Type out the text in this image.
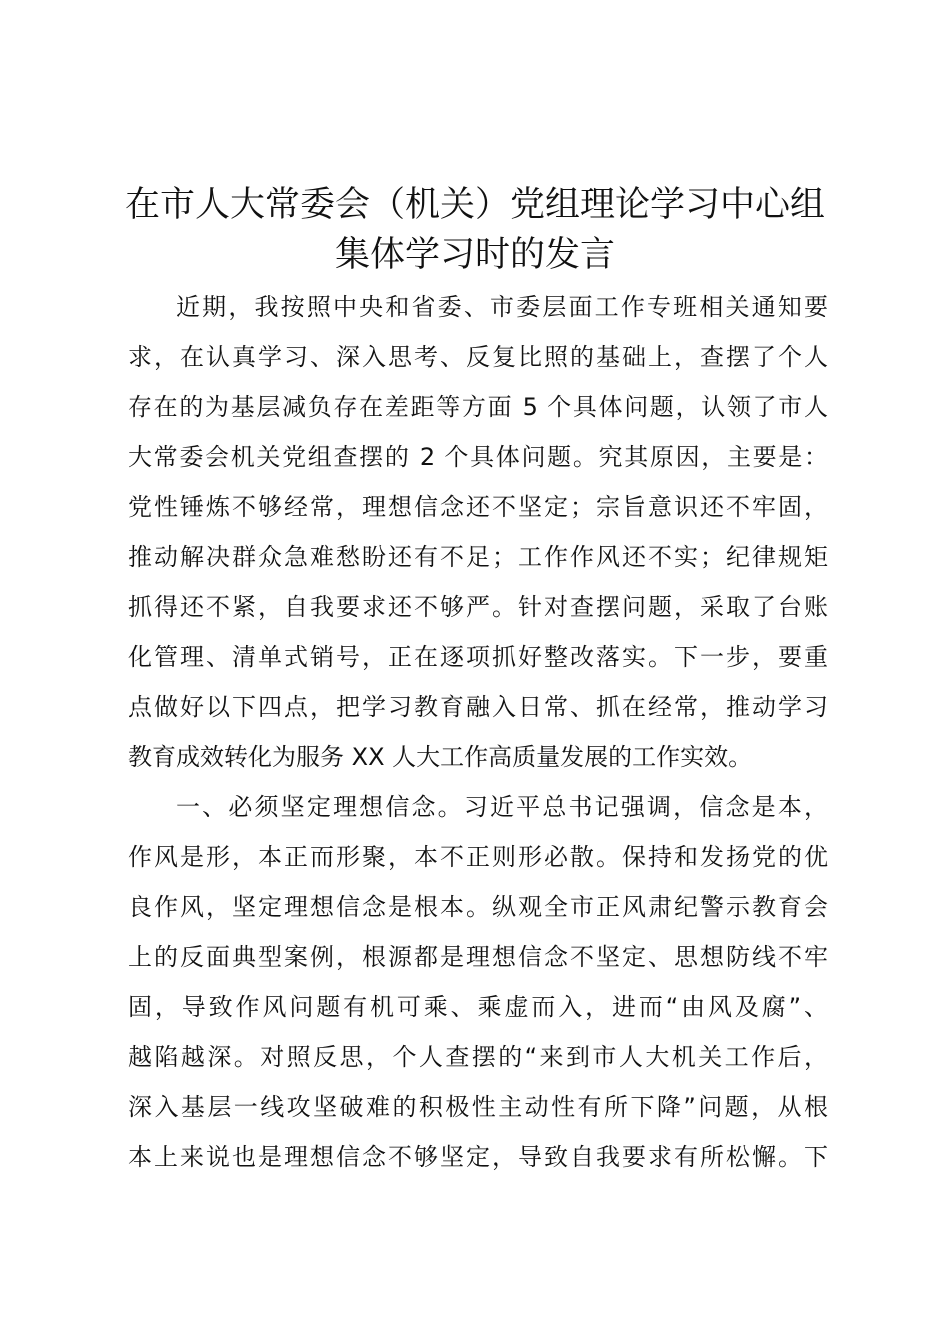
在市人大常委会（机关）党组理论学习中心组
集体学习时的发言
近期，我按照中央和省委、市委层面工作专班相关通知要
求，在认真学习、深入思考、反复比照的基础上，查摆了个人
存在的为基层减负存在差距等方面 5 个具体问题，认领了市人
大常委会机关党组查摆的 2 个具体问题。究其原因，主要是：
党性锤炼不够经常，理想信念还不坚定；宗旨意识还不牢固，
推动解决群众急难愁盼还有不足；工作作风还不实；纪律规矩
抓得还不紧，自我要求还不够严。针对查摆问题，采取了台账
化管理、清单式销号，正在逐项抓好整改落实。下一步，要重
点做好以下四点，把学习教育融入日常、抓在经常，推动学习
教育成效转化为服务 XX 人大工作高质量发展的工作实效。
一、必须坚定理想信念。习近平总书记强调，信念是本，
作风是形，本正而形聚，本不正则形必散。保持和发扬党的优
良作风，坚定理想信念是根本。纵观全市正风肃纪警示教育会
上的反面典型案例，根源都是理想信念不坚定、思想防线不牢
固，导致作风问题有机可乘、乘虚而入，进而“由风及腐”、
越陷越深。对照反思，个人查摆的“来到市人大机关工作后，
深入基层一线攻坚破难的积极性主动性有所下降”问题，从根
本上来说也是理想信念不够坚定，导致自我要求有所松懈。下
